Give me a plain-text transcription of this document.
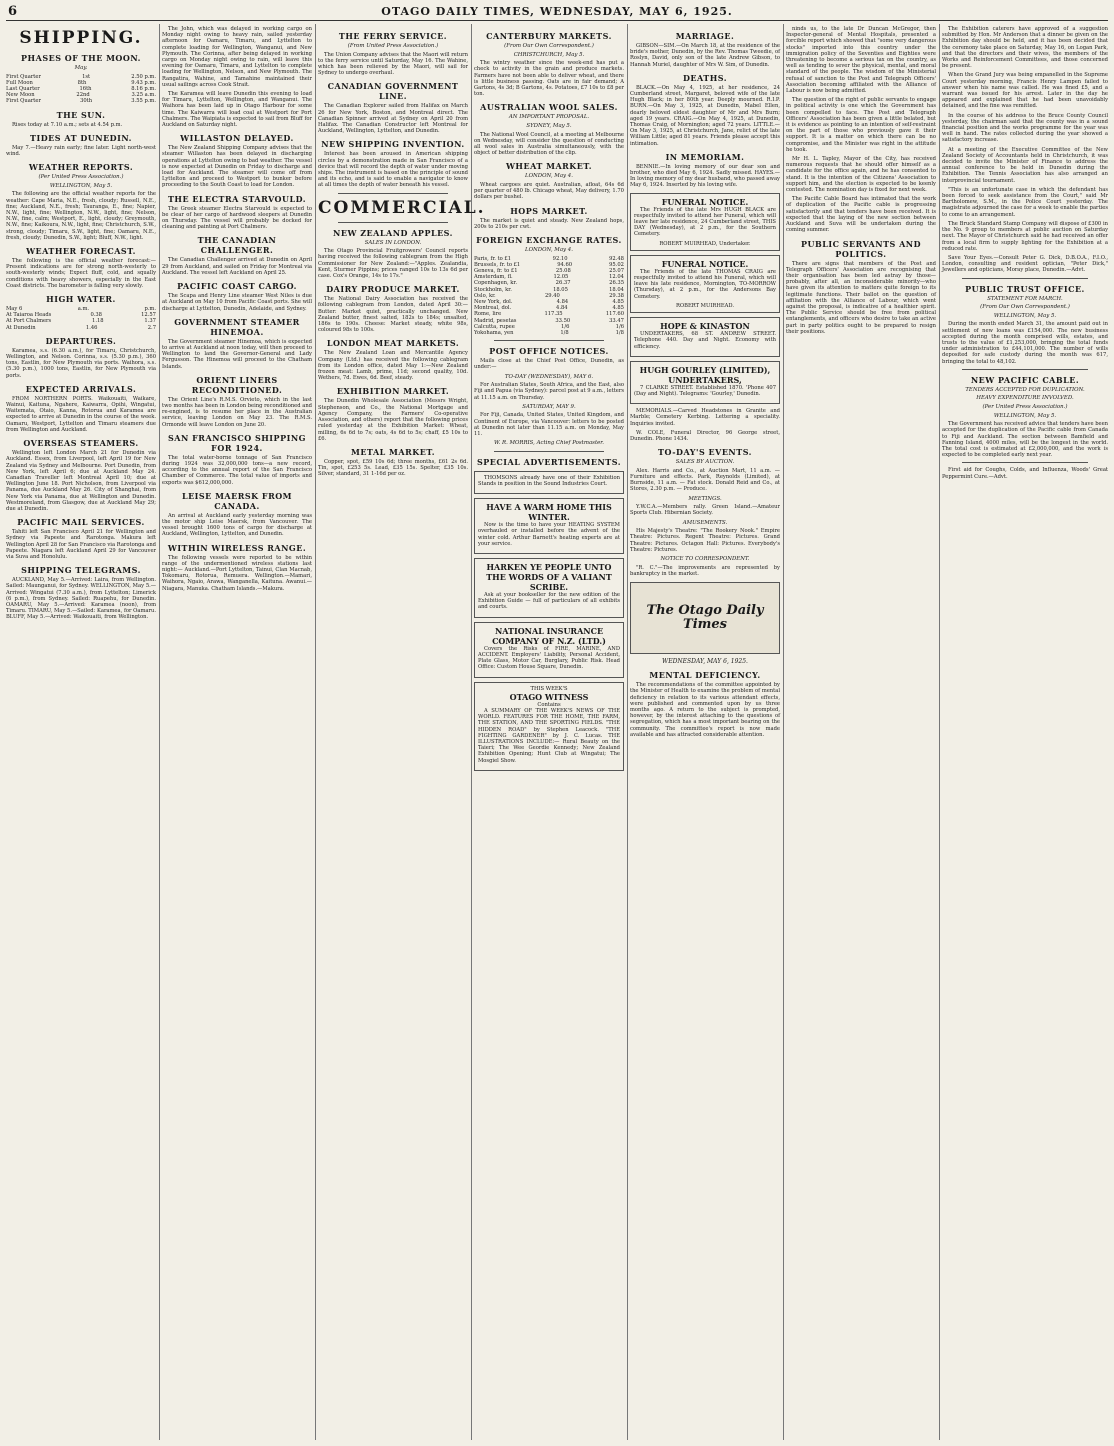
6	OTAGO DAILY TIMES, WEDNESDAY, MAY 6, 1925.
SHIPPING.
PHASES OF THE MOON.
May.
First Quarter	1st	2.50 p.m.
Full Moon	8th	9.43 p.m.
Last Quarter	16th	8.16 p.m.
New Moon	22nd	3.25 a.m.
First Quarter	30th	3.55 p.m.
THE SUN.

Rises today at 7.10 a.m.; sets at 4.54 p.m.

TIDES AT DUNEDIN.

May 7.—Heavy rain early; fine later. Light north-west wind.

WEATHER REPORTS.
(Per United Press Association.)
WELLINGTON, May 5.

The following are the official weather reports for the weather: Cape Maria, N.E., fresh, cloudy; Russell, N.E., fine; Auckland, N.E., fresh; Tauranga, E., fine; Napier, N.W., light, fine; Wellington, N.W., light, fine; Nelson, N.W., fine, calm; Westport, E., light, cloudy; Greymouth, N.W., fine; Kaikoura, N.W., light, fine; Christchurch, S.W., strong, cloudy; Timaru, S.W., light, fine; Oamaru, N.E., fresh, cloudy; Dunedin, S.W., light; Bluff, N.W., light.

WEATHER FORECAST.

The following is the official weather forecast:—Present indications are for strong north-westerly to south-westerly winds; Expect fluff, cold, and squally conditions with heavy showers, especially in the East Coast districts. The barometer is falling very slowly.

HIGH WATER.
May 6	a.m.	p.m.
At Taiaroa Heads	0.38	12.57
At Port Chalmers	1.18	1.37
At Dunedin	1.46	2.7
DEPARTURES.

Karamea, s.s. (6.30 a.m.), for Timaru, Christchurch, Wellington, and Nelson. Corinna, s.s. (5.30 p.m.), 360 tons, Eastlin, for New Plymouth via ports. Waihora, s.s. (5.30 p.m.), 1000 tons, Eastlin, for New Plymouth via ports.

EXPECTED ARRIVALS.

FROM NORTHERN PORTS. Waikouaiti, Waikare, Wainui, Kaituna, Ngahere, Kaiwarra, Opihi, Wingatui, Waitemata, Otaio, Kanna, Rotorua and Karamea are expected to arrive at Dunedin in the course of the week. Oamaru, Westport, Lyttelton and Timaru steamers due from Wellington and Auckland.

OVERSEAS STEAMERS.

Wellington left London March 21 for Dunedin via Auckland. Essex, from Liverpool, left April 19 for New Zealand via Sydney and Melbourne. Port Dunedin, from New York, left April 6; due at Auckland May 24. Canadian Traveller left Montreal April 10; due at Wellington June 18. Port Nicholson, from Liverpool via Panama, due Auckland May 26. City of Shanghai, from New York via Panama, due at Wellington and Dunedin. Westmoreland, from Glasgow, due at Auckland May 29; due at Dunedin.

PACIFIC MAIL SERVICES.

Tahiti left San Francisco April 21 for Wellington and Sydney via Papeete and Rarotonga. Makura left Wellington April 28 for San Francisco via Rarotonga and Papeete. Niagara left Auckland April 29 for Vancouver via Suva and Honolulu.

SHIPPING TELEGRAMS.

AUCKLAND, May 5.—Arrived: Laira, from Wellington. Sailed: Maunganui, for Sydney. WELLINGTON, May 5.—Arrived: Wingatui (7.30 a.m.), from Lyttelton; Limerick (6 p.m.), from Sydney. Sailed: Ruapehu, for Dunedin. OAMARU, May 5.—Arrived: Karamea (noon), from Timaru. TIMARU, May 5.—Sailed: Karamea, for Oamaru. BLUFF, May 5.—Arrived: Waikouaiti, from Wellington.

The John, which was delayed in working cargo on Monday night owing to heavy rain, sailed yesterday afternoon for Oamaru, Timaru, and Lyttelton to complete loading for Wellington, Wanganui, and New Plymouth. The Corinna, after being delayed in working cargo on Monday night owing to rain, will leave this evening for Oamaru, Timaru, and Lyttelton to complete loading for Wellington, Nelson, and New Plymouth. The Rangatira, Wahine, and Tamahine maintained their usual sailings across Cook Strait.

The Karamea will leave Dunedin this evening to load for Timaru, Lyttelton, Wellington, and Wanganui. The Waihora has been laid up in Otago Harbour for some time. The Kaiwarra will load coal at Westport for Port Chalmers. The Waipiata is expected to sail from Bluff for Auckland on Saturday night.

WILLASTON DELAYED.

The New Zealand Shipping Company advises that the steamer Willaston has been delayed in discharging operations at Lyttelton owing to bad weather. The vessel is now expected at Dunedin on Friday to discharge and load for Auckland. The steamer will come off from Lyttelton and proceed to Westport to bunker before proceeding to the South Coast to load for London.

THE ELECTRA STARVOULD.

The Greek steamer Electra Starvould is expected to be clear of her cargo of hardwood sleepers at Dunedin on Thursday. The vessel will probably be docked for cleaning and painting at Port Chalmers.

THE CANADIAN CHALLENGER.

The Canadian Challenger arrived at Dunedin on April 29 from Auckland, and sailed on Friday for Montreal via Auckland. The vessel left Auckland on April 25.

PACIFIC COAST CARGO.

The Scapa and Henry Line steamer West Niles is due at Auckland on May 10 from Pacific Coast ports. She will discharge at Lyttelton, Dunedin, Adelaide, and Sydney.

GOVERNMENT STEAMER HINEMOA.

The Government steamer Hinemoa, which is expected to arrive at Auckland at noon today, will then proceed to Wellington to land the Governor-General and Lady Fergusson. The Hinemoa will proceed to the Chatham Islands.

ORIENT LINERS RECONDITIONED.

The Orient Line's R.M.S. Orvieto, which in the last two months has been in London being reconditioned and re-engined, is to resume her place in the Australian service, leaving London on May 23. The R.M.S. Ormonde will leave London on June 20.

SAN FRANCISCO SHIPPING FOR 1924.

The total water-borne tonnage of San Francisco during 1924 was 32,000,000 tons—a new record, according to the annual report of the San Francisco Chamber of Commerce. The total value of imports and exports was $612,000,000.

LEISE MAERSK FROM CANADA.

An arrival at Auckland early yesterday morning was the motor ship Leise Maersk, from Vancouver. The vessel brought 1600 tons of cargo for discharge at Auckland, Wellington, Lyttelton, and Dunedin.

WITHIN WIRELESS RANGE.

The following vessels were reported to be within range of the undermentioned wireless stations last night:— Auckland.—Port Lyttelton, Tainui, Clan Macnab, Tokomaru, Rotorua, Remuera. Wellington.—Mamari, Waihora, Ngaio, Arawa, Wanganella, Kaituna. Awanui.—Niagara, Manuka. Chatham Islands.—Makura.

THE FERRY SERVICE.
(From United Press Association.)

The Union Company advises that the Maori will return to the ferry service until Saturday, May 16. The Wahine, which has been relieved by the Maori, will sail for Sydney to undergo overhaul.

CANADIAN GOVERNMENT LINE.

The Canadian Explorer sailed from Halifax on March 26 for New York, Boston, and Montreal direct. The Canadian Spinner arrived at Sydney on April 20 from Halifax. The Canadian Constructor left Montreal for Auckland, Wellington, Lyttelton, and Dunedin.

NEW SHIPPING INVENTION.

Interest has been aroused in American shipping circles by a demonstration made in San Francisco of a device that will record the depth of water under moving ships. The instrument is based on the principle of sound and its echo, and is said to enable a navigator to know at all times the depth of water beneath his vessel.

COMMERCIAL.
NEW ZEALAND APPLES.
SALES IN LONDON.

The Otago Provincial Fruitgrowers' Council reports having received the following cablegram from the High Commissioner for New Zealand:—"Apples. Zealandia, Kent, Sturmer Pippins; prices ranged 10s to 13s 6d per case. Cox's Orange, 14s to 17s."

DAIRY PRODUCE MARKET.

The National Dairy Association has received the following cablegram from London, dated April 30:—Butter: Market quiet, practically unchanged. New Zealand butter, finest salted, 182s to 184s; unsalted, 186s to 190s. Cheese: Market steady, white 98s, coloured 98s to 100s.

LONDON MEAT MARKETS.

The New Zealand Loan and Mercantile Agency Company (Ltd.) has received the following cablegram from its London office, dated May 1:—New Zealand frozen meat: Lamb, prime, 11d; second quality, 10d. Wethers, 7d. Ewes, 6d. Beef, steady.

EXHIBITION MARKET.

The Dunedin Wholesale Association (Messrs Wright, Stephenson, and Co., the National Mortgage and Agency Company, the Farmers' Co-operative Association, and others) report that the following prices ruled yesterday at the Exhibition Market: Wheat, milling, 6s 6d to 7s; oats, 4s 6d to 5s; chaff, £5 10s to £6.

METAL MARKET.

Copper, spot, £59 10s 6d; three months, £61 2s 6d. Tin, spot, £253 5s. Lead, £35 15s. Spelter, £35 10s. Silver, standard, 31 1-16d per oz.

CANTERBURY MARKETS.
(From Our Own Correspondent.)
CHRISTCHURCH, May 5.

The wintry weather since the week-end has put a check to activity in the grain and produce markets. Farmers have not been able to deliver wheat, and there is little business passing. Oats are in fair demand; A Gartons, 4s 3d; B Gartons, 4s. Potatoes, £7 10s to £8 per ton.

AUSTRALIAN WOOL SALES.
AN IMPORTANT PROPOSAL.
SYDNEY, May 5.

The National Wool Council, at a meeting at Melbourne on Wednesday, will consider the question of conducting all wool sales in Australia simultaneously, with the object of better distribution of the clip.

WHEAT MARKET.
LONDON, May 4.

Wheat cargoes are quiet. Australian, afloat, 64s 6d per quarter of 480 lb. Chicago wheat, May delivery, 1.70 dollars per bushel.

HOPS MARKET.

The market is quiet and steady. New Zealand hops, 200s to 210s per cwt.

FOREIGN EXCHANGE RATES.
LONDON, May 4.
Paris, fr. to £1	92.10	92.48
Brussels, fr. to £1	94.60	95.02
Geneva, fr. to £1	25.08	25.07
Amsterdam, fl.	12.05	12.04
Copenhagen, kr.	26.37	26.35
Stockholm, kr.	18.05	18.04
Oslo, kr.	29.40	29.38
New York, dol.	4.84	4.85
Montreal, dol.	4.84	4.85
Rome, lire	117.35	117.60
Madrid, pesetas	33.50	33.47
Calcutta, rupee	1/6	1/6
Yokohama, yen	1/8	1/8
POST OFFICE NOTICES.

Mails close at the Chief Post Office, Dunedin, as under:—

TO-DAY (WEDNESDAY), MAY 6.

For Australian States, South Africa, and the East, also Fiji and Papua (via Sydney): parcel post at 9 a.m., letters at 11.15 a.m. on Thursday.

SATURDAY, MAY 9.

For Fiji, Canada, United States, United Kingdom, and Continent of Europe, via Vancouver: letters to be posted at Dunedin not later than 11.15 a.m. on Monday, May 11.

W. R. MORRIS, Acting Chief Postmaster.
SPECIAL ADVERTISEMENTS.

THOMSONS already have one of their Exhibition Stands in position in the Sound Industries Court.

HAVE A WARM HOME THIS WINTER.

Now is the time to have your HEATING SYSTEM overhauled or installed before the advent of the winter cold. Arthur Barnett's heating experts are at your service.

HARKEN YE PEOPLE UNTO THE WORDS OF A VALIANT SCRIBE.

Ask at your bookseller for the new edition of the Exhibition Guide — full of particulars of all exhibits and courts.

NATIONAL INSURANCE COMPANY OF N.Z. (LTD.)

Covers the Risks of FIRE, MARINE, AND ACCIDENT. Employers' Liability, Personal Accident, Plate Glass, Motor Car, Burglary, Public Risk. Head Office: Custom House Square, Dunedin.

THIS WEEK'S
OTAGO WITNESS
Contains

A SUMMARY OF THE WEEK'S NEWS OF THE WORLD. FEATURES FOR THE HOME, THE FARM, THE STATION, AND THE SPORTING FIELDS. "THE HIDDEN ROAD" by Stephen Leacock. "THE FIGHTING GARDENER" by J. C. Lucas. THE ILLUSTRATIONS INCLUDE:— Rural Beauty on the Taieri; The Wee Geordie Kennedy; New Zealand Exhibition Opening; Hunt Club at Wingatui; The Mosgiel Show.

MARRIAGE.

GIBSON—SIM.—On March 18, at the residence of the bride's mother, Dunedin, by the Rev. Thomas Tweedie, of Roslyn, David, only son of the late Andrew Gibson, to Hannah Muriel, daughter of Mrs W. Sim, of Dunedin.

DEATHS.

BLACK.—On May 4, 1925, at her residence, 24 Cumberland street, Margaret, beloved wife of the late Hugh Black; in her 80th year. Deeply mourned. R.I.P. BURN.—On May 3, 1925, at Dunedin, Mabel Ellen, dearly beloved eldest daughter of Mr and Mrs Burn; aged 19 years. CRAIG.—On May 4, 1925, at Dunedin, Thomas Craig, of Mornington; aged 72 years. LITTLE.—On May 3, 1925, at Christchurch, Jane, relict of the late William Little; aged 81 years. Friends please accept this intimation.

IN MEMORIAM.

BENNIE.—In loving memory of our dear son and brother, who died May 6, 1924. Sadly missed. HAYES.—In loving memory of my dear husband, who passed away May 6, 1924. Inserted by his loving wife.

FUNERAL NOTICE.

The Friends of the late Mrs HUGH BLACK are respectfully invited to attend her Funeral, which will leave her late residence, 24 Cumberland street, THIS DAY (Wednesday), at 2 p.m., for the Southern Cemetery.

ROBERT MUIRHEAD, Undertaker.
FUNERAL NOTICE.

The Friends of the late THOMAS CRAIG are respectfully invited to attend his Funeral, which will leave his late residence, Mornington, TO-MORROW (Thursday), at 2 p.m., for the Andersons Bay Cemetery.

ROBERT MUIRHEAD.
HOPE & KINASTON

UNDERTAKERS, 68 ST. ANDREW STREET. Telephone 440. Day and Night. Economy with efficiency.

HUGH GOURLEY (LIMITED), UNDERTAKERS,

7 CLARKE STREET. Established 1870. 'Phone 407 (Day and Night). Telegrams: 'Gourley,' Dunedin.

MEMORIALS.—Carved Headstones in Granite and Marble; Cemetery Kerbing. Lettering a speciality. Inquiries invited.

W. COLE, Funeral Director, 96 George street, Dunedin. Phone 1434.

TO-DAY'S EVENTS.
SALES BY AUCTION.

Alex. Harris and Co., at Auction Mart, 11 a.m. — Furniture and effects. Park, Reynolds (Limited), at Burnside, 11 a.m. — Fat stock. Donald Reid and Co., at Stores, 2.30 p.m. — Produce.

MEETINGS.

Y.W.C.A.—Members rally. Green Island.—Amateur Sports Club. Hibernian Society.

AMUSEMENTS.

His Majesty's Theatre: "The Rookery Nook." Empire Theatre: Pictures. Regent Theatre: Pictures. Grand Theatre: Pictures. Octagon Hall: Pictures. Everybody's Theatre: Pictures.

NOTICE TO CORRESPONDENT.

"R. C."—The improvements are represented by bankruptcy in the market.

The Otago Daily Times
WEDNESDAY, MAY 6, 1925.
MENTAL DEFICIENCY.

The recommendations of the committee appointed by the Minister of Health to examine the problem of mental deficiency in relation to its various attendant effects, were published and commented upon by us three months ago. A return to the subject is prompted, however, by the interest attaching to the questions of segregation, which has a most important bearing on the community. The committee's report is now made available and has attracted considerable attention.

ninds us, to the late Dr Duncan McGregor, then Inspector-general of Mental Hospitals, presented a forcible report which showed that "some very dangerous stocks" imported into this country under the immigration policy of the Seventies and Eighties were threatening to become a serious tax on the country, as well as tending to sever the physical, mental, and moral standard of the people. The wisdom of the Ministerial refusal of sanction to the Post and Telegraph Officers' Association becoming affiliated with the Alliance of Labour is now being admitted.

The question of the right of public servants to engage in political activity is one which the Government has been compelled to face. The Post and Telegraph Officers' Association has been given a little belated, but it is evidence as pointing to an intention of self-restraint on the part of those who previously gave it their support. It is a matter on which there can be no compromise, and the Minister was right in the attitude he took.

Mr H. L. Tapley, Mayor of the City, has received numerous requests that he should offer himself as a candidate for the office again, and he has consented to stand. It is the intention of the Citizens' Association to support him, and the election is expected to be keenly contested. The nomination day is fixed for next week.

The Pacific Cable Board has intimated that the work of duplication of the Pacific cable is progressing satisfactorily and that tenders have been received. It is expected that the laying of the new section between Auckland and Suva will be undertaken during the coming summer.

PUBLIC SERVANTS AND POLITICS.

There are signs that members of the Post and Telegraph Officers' Association are recognising that their organisation has been led astray by those—probably, after all, an inconsiderable minority—who have given its attention to matters quite foreign to its legitimate functions. Their ballot on the question of affiliation with the Alliance of Labour, which went against the proposal, is indicative of a healthier spirit. The Public Service should be free from political entanglements, and officers who desire to take an active part in party politics ought to be prepared to resign their positions.

The Exhibition caterers have approved of a suggestion submitted by Hon. Mr Anderson that a dinner be given on the Exhibition day should be held, and it has been decided that the ceremony take place on Saturday, May 16, on Logan Park, and that the directors and their wives, the members of the Works and Reinforcement Committees, and those concerned be present.

When the Grand Jury was being empanelled in the Supreme Court yesterday morning, Francis Henry Lampen failed to answer when his name was called. He was fined £5, and a warrant was issued for his arrest. Later in the day he appeared and explained that he had been unavoidably detained, and the fine was remitted.

In the course of his address to the Bruce County Council yesterday, the chairman said that the county was in a sound financial position and the works programme for the year was well in hand. The rates collected during the year showed a satisfactory increase.

At a meeting of the Executive Committee of the New Zealand Society of Accountants held in Christchurch, it was decided to invite the Minister of Finance to address the annual conference to be held in Dunedin during the Exhibition. The Tennis Association has also arranged an interprovincial tournament.

"This is an unfortunate case in which the defendant has been forced to seek assistance from the Court," said Mr Bartholomew, S.M., in the Police Court yesterday. The magistrate adjourned the case for a week to enable the parties to come to an arrangement.

The Bruck Standard Stamp Company will dispose of £300 in the No. 9 group to members at public auction on Saturday next. The Mayor of Christchurch said he had received an offer from a local firm to supply lighting for the Exhibition at a reduced rate.

Save Your Eyes.—Consult Peter G. Dick, D.B.O.A., F.I.O., London, consulting and resident optician, "Peter Dick," Jewellers and opticians, Moray place, Dunedin.—Advt.

PUBLIC TRUST OFFICE.
STATEMENT FOR MARCH.
(From Our Own Correspondent.)
WELLINGTON, May 5.

During the month ended March 31, the amount paid out in settlement of new loans was £154,000. The new business accepted during the month comprised wills, estates, and trusts to the value of £1,253,000, bringing the total funds under administration to £44,101,000. The number of wills deposited for safe custody during the month was 617, bringing the total to 48,102.

NEW PACIFIC CABLE.
TENDERS ACCEPTED FOR DUPLICATION.
HEAVY EXPENDITURE INVOLVED.
(Per United Press Association.)
WELLINGTON, May 5.

The Government has received advice that tenders have been accepted for the duplication of the Pacific cable from Canada to Fiji and Auckland. The section between Bamfield and Fanning Island, 4000 miles, will be the longest in the world. The total cost is estimated at £2,000,000, and the work is expected to be completed early next year.

First aid for Coughs, Colds, and Influenza, Woods' Great Peppermint Cure.—Advt.
